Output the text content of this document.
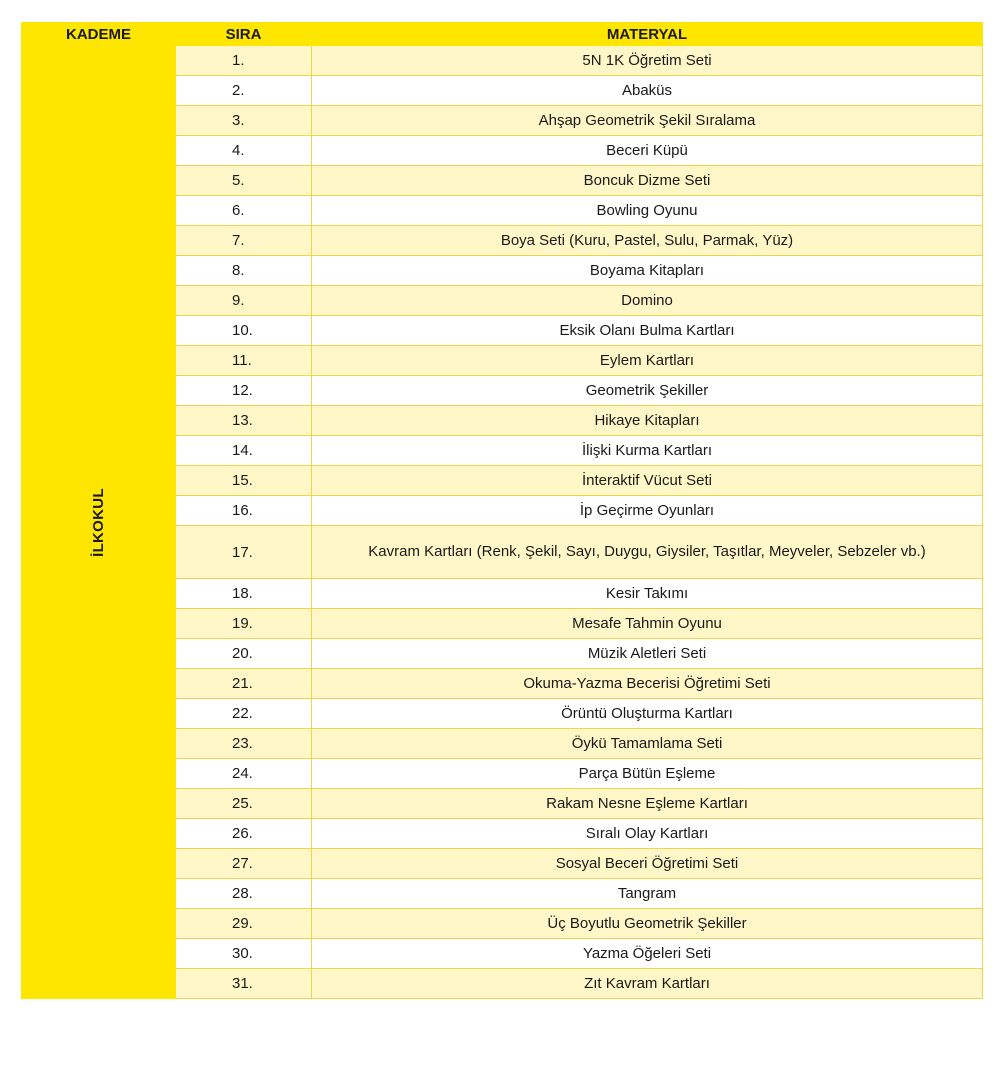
KADEME	SIRA	MATERYAL
İLKOKUL	1.	5N 1K Öğretim Seti
	2.	Abaküs
	3.	Ahşap Geometrik Şekil Sıralama
	4.	Beceri Küpü
	5.	Boncuk Dizme Seti
	6.	Bowling Oyunu
	7.	Boya Seti (Kuru, Pastel, Sulu, Parmak, Yüz)
	8.	Boyama Kitapları
	9.	Domino
	10.	Eksik Olanı Bulma Kartları
	11.	Eylem Kartları
	12.	Geometrik Şekiller
	13.	Hikaye Kitapları
	14.	İlişki Kurma Kartları
	15.	İnteraktif Vücut Seti
	16.	İp Geçirme Oyunları
	17.	Kavram Kartları (Renk, Şekil, Sayı, Duygu, Giysiler, Taşıtlar, Meyveler, Sebzeler vb.)
	18.	Kesir Takımı
	19.	Mesafe Tahmin Oyunu
	20.	Müzik Aletleri Seti
	21.	Okuma-Yazma Becerisi Öğretimi Seti
	22.	Örüntü Oluşturma Kartları
	23.	Öykü Tamamlama Seti
	24.	Parça Bütün Eşleme
	25.	Rakam Nesne Eşleme Kartları
	26.	Sıralı Olay Kartları
	27.	Sosyal Beceri Öğretimi Seti
	28.	Tangram
	29.	Üç Boyutlu Geometrik Şekiller
	30.	Yazma Öğeleri Seti
	31.	Zıt Kavram Kartları
